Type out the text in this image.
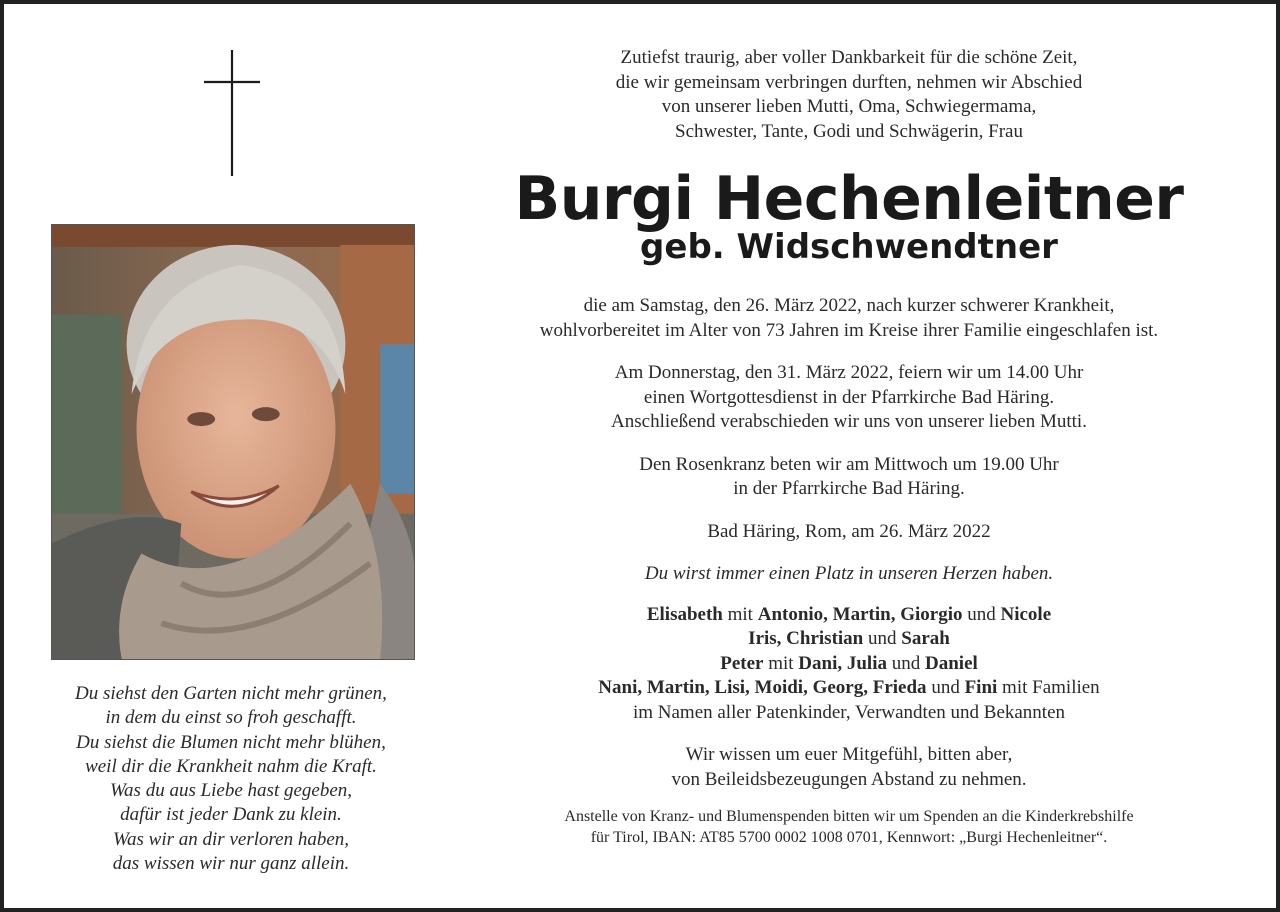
Du siehst den Garten nicht mehr grünen,
in dem du einst so froh geschafft.
Du siehst die Blumen nicht mehr blühen,
weil dir die Krankheit nahm die Kraft.
Was du aus Liebe hast gegeben,
dafür ist jeder Dank zu klein.
Was wir an dir verloren haben,
das wissen wir nur ganz allein.
Zutiefst traurig, aber voller Dankbarkeit für die schöne Zeit,
die wir gemeinsam verbringen durften, nehmen wir Abschied
von unserer lieben Mutti, Oma, Schwiegermama,
Schwester, Tante, Godi und Schwägerin, Frau
Burgi Hechenleitner
geb. Widschwendtner
die am Samstag, den 26. März 2022, nach kurzer schwerer Krankheit,
wohlvorbereitet im Alter von 73 Jahren im Kreise ihrer Familie eingeschlafen ist.
Am Donnerstag, den 31. März 2022, feiern wir um 14.00 Uhr
einen Wortgottesdienst in der Pfarrkirche Bad Häring.
Anschließend verabschieden wir uns von unserer lieben Mutti.
Den Rosenkranz beten wir am Mittwoch um 19.00 Uhr
in der Pfarrkirche Bad Häring.
Bad Häring, Rom, am 26. März 2022
Du wirst immer einen Platz in unseren Herzen haben.
Elisabeth mit Antonio, Martin, Giorgio und Nicole
Iris, Christian und Sarah
Peter mit Dani, Julia und Daniel
Nani, Martin, Lisi, Moidi, Georg, Frieda und Fini mit Familien
im Namen aller Patenkinder, Verwandten und Bekannten
Wir wissen um euer Mitgefühl, bitten aber,
von Beileidsbezeugungen Abstand zu nehmen.
Anstelle von Kranz- und Blumenspenden bitten wir um Spenden an die Kinderkrebshilfe
für Tirol, IBAN: AT85 5700 0002 1008 0701, Kennwort: „Burgi Hechenleitner“.
